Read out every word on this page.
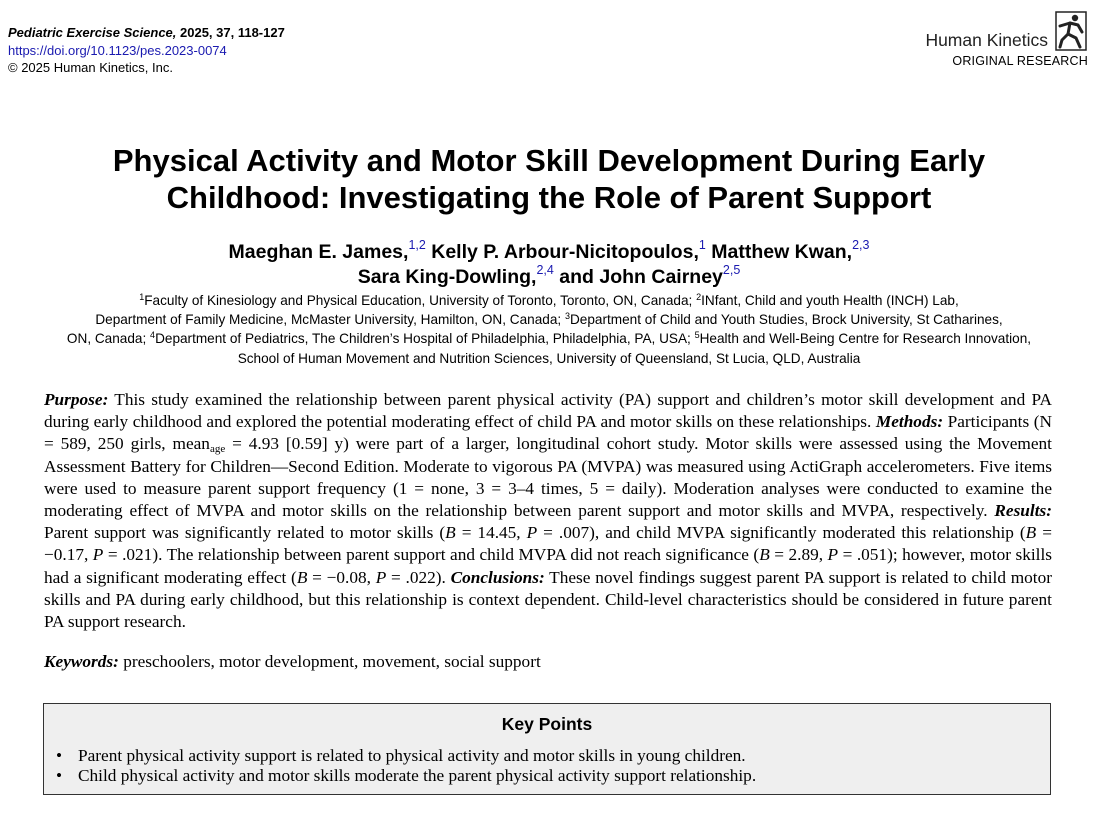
Pediatric Exercise Science, 2025, 37, 118-127
https://doi.org/10.1123/pes.2023-0074
© 2025 Human Kinetics, Inc.
Human Kinetics
ORIGINAL RESEARCH
Physical Activity and Motor Skill Development During Early
Childhood: Investigating the Role of Parent Support
Maeghan E. James,$^{1,2}$ Kelly P. Arbour-Nicitopoulos,$^1$ Matthew Kwan,$^{2,3}$
Sara King-Dowling,$^{2,4}$ and John Cairney$^{2,5}$
$^1$Faculty of Kinesiology and Physical Education, University of Toronto, Toronto, ON, Canada; $^2$INfant, Child and youth Health (INCH) Lab,
Department of Family Medicine, McMaster University, Hamilton, ON, Canada; $^3$Department of Child and Youth Studies, Brock University, St Catharines,
ON, Canada; $^4$Department of Pediatrics, The Children’s Hospital of Philadelphia, Philadelphia, PA, USA; $^5$Health and Well-Being Centre for Research Innovation,
School of Human Movement and Nutrition Sciences, University of Queensland, St Lucia, QLD, Australia
Purpose: This study examined the relationship between parent physical activity (PA) support and children’s motor skill development and PA during early childhood and explored the potential moderating effect of child PA and motor skills on these relationships. Methods: Participants (N = 589, 250 girls, mean$_{age}$ = 4.93 [0.59] y) were part of a larger, longitudinal cohort study. Motor skills were assessed using the Movement Assessment Battery for Children—Second Edition. Moderate to vigorous PA (MVPA) was measured using ActiGraph accelerometers. Five items were used to measure parent support frequency (1 = none, 3 = 3–4 times, 5 = daily). Moderation analyses were conducted to examine the moderating effect of MVPA and motor skills on the relationship between parent support and motor skills and MVPA, respectively. Results: Parent support was significantly related to motor skills (B = 14.45, P = .007), and child MVPA significantly moderated this relationship (B = −0.17, P = .021). The relationship between parent support and child MVPA did not reach significance (B = 2.89, P = .051); however, motor skills had a significant moderating effect (B = −0.08, P = .022). Conclusions: These novel findings suggest parent PA support is related to child motor skills and PA during early childhood, but this relationship is context dependent. Child-level characteristics should be considered in future parent PA support research.
Keywords: preschoolers, motor development, movement, social support
Key Points
• Parent physical activity support is related to physical activity and motor skills in young children.
• Child physical activity and motor skills moderate the parent physical activity support relationship.
